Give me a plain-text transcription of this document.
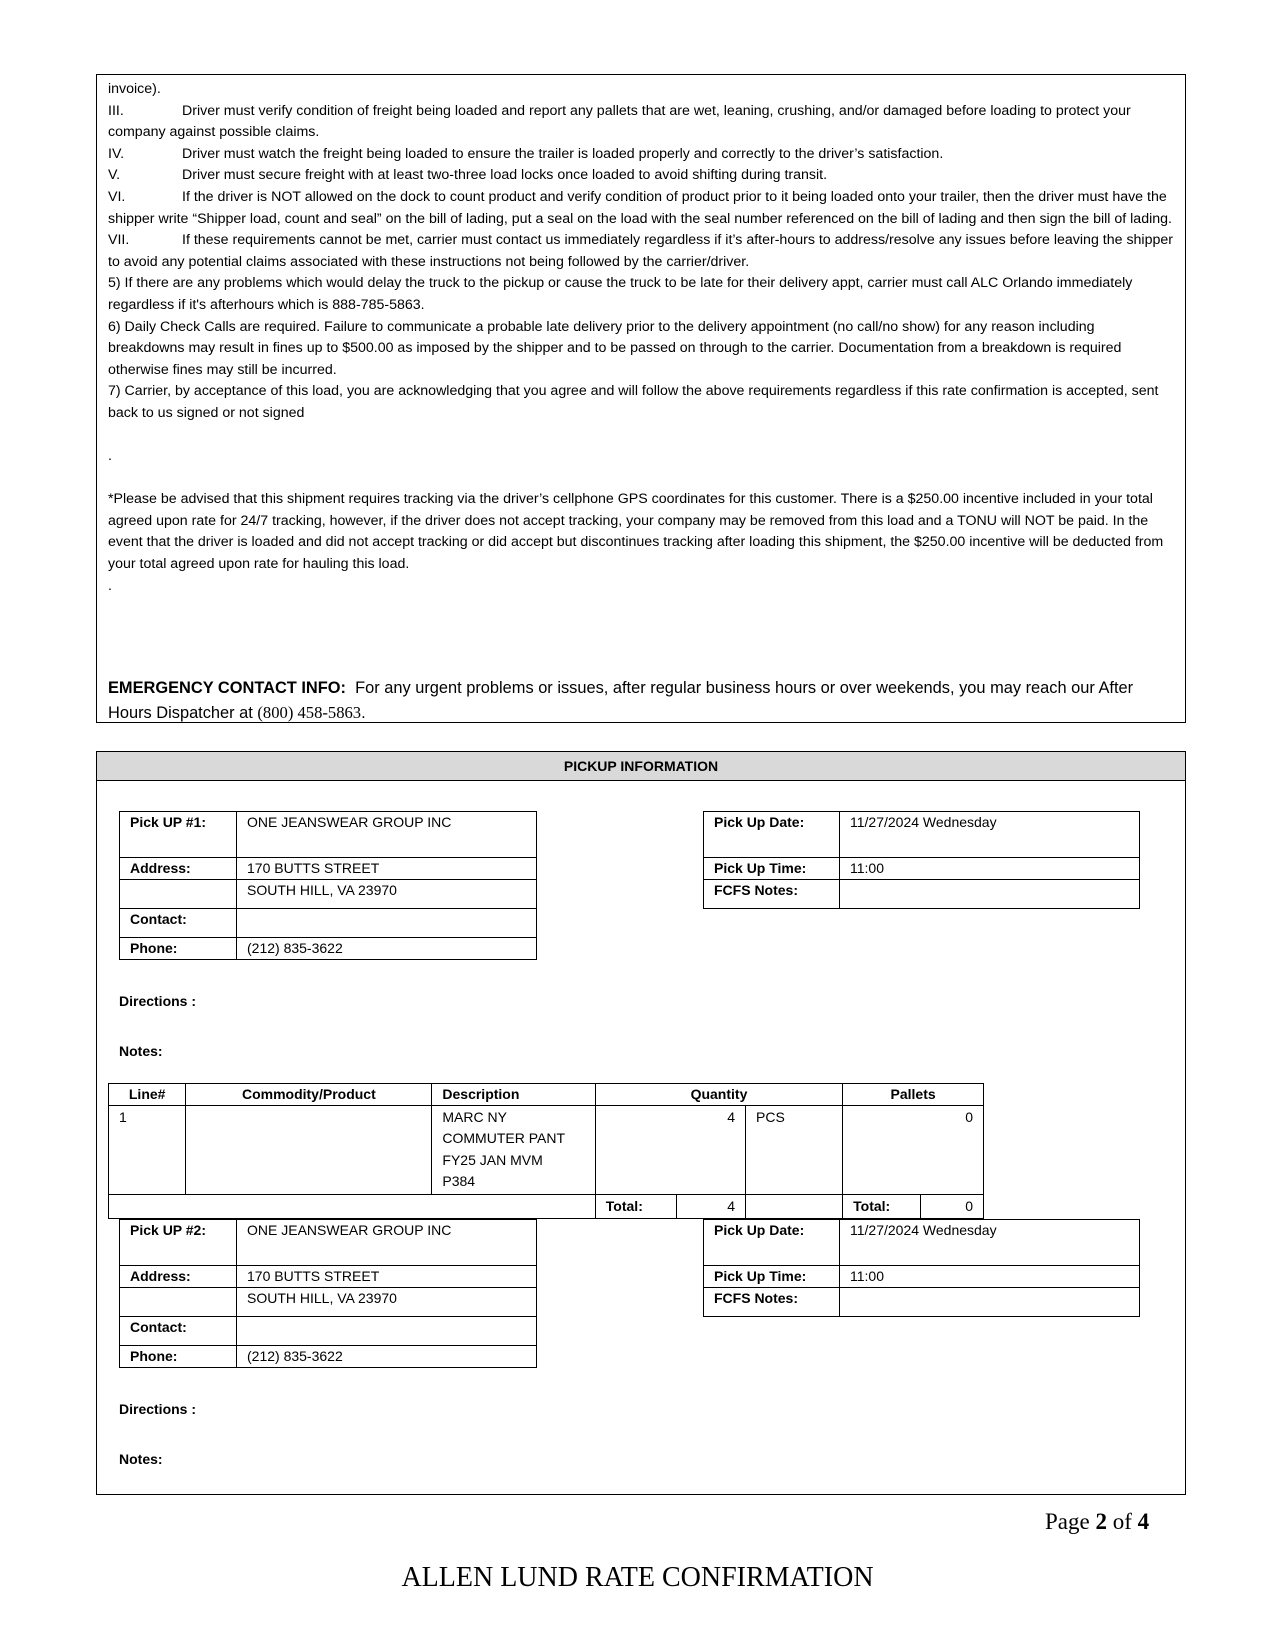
invoice).

III.	Driver must verify condition of freight being loaded and report any pallets that are wet, leaning, crushing, and/or damaged before loading to protect your company against possible claims.

IV.	Driver must watch the freight being loaded to ensure the trailer is loaded properly and correctly to the driver’s satisfaction.

V.	Driver must secure freight with at least two-three load locks once loaded to avoid shifting during transit.

VI.	If the driver is NOT allowed on the dock to count product and verify condition of product prior to it being loaded onto your trailer, then the driver must have the shipper write “Shipper load, count and seal” on the bill of lading, put a seal on the load with the seal number referenced on the bill of lading and then sign the bill of lading.

VII.	If these requirements cannot be met, carrier must contact us immediately regardless if it’s after-hours to address/resolve any issues before leaving the shipper to avoid any potential claims associated with these instructions not being followed by the carrier/driver.

5) If there are any problems which would delay the truck to the pickup or cause the truck to be late for their delivery appt, carrier must call ALC Orlando immediately regardless if it's afterhours which is 888-785-5863.

6) Daily Check Calls are required. Failure to communicate a probable late delivery prior to the delivery appointment (no call/no show) for any reason including breakdowns may result in fines up to $500.00 as imposed by the shipper and to be passed on through to the carrier. Documentation from a breakdown is required otherwise fines may still be incurred.

7) Carrier, by acceptance of this load, you are acknowledging that you agree and will follow the above requirements regardless if this rate confirmation is accepted, sent back to us signed or not signed

.

*Please be advised that this shipment requires tracking via the driver’s cellphone GPS coordinates for this customer. There is a $250.00 incentive included in your total agreed upon rate for 24/7 tracking, however, if the driver does not accept tracking, your company may be removed from this load and a TONU will NOT be paid. In the event that the driver is loaded and did not accept tracking or did accept but discontinues tracking after loading this shipment, the $250.00 incentive will be deducted from your total agreed upon rate for hauling this load.

.

EMERGENCY CONTACT INFO: For any urgent problems or issues, after regular business hours or over weekends, you may reach our After Hours Dispatcher at (800) 458-5863.
PICKUP INFORMATION
Pick UP #1:	ONE JEANSWEAR GROUP INC
Address:	170 BUTTS STREET
	SOUTH HILL, VA 23970
Contact:	
Phone:	(212) 835-3622
Pick Up Date:	11/27/2024 Wednesday
Pick Up Time:	11:00
FCFS Notes:	
Directions :
Notes:
Line#	Commodity/Product	Description	Quantity			Pallets	
1		MARC NY
COMMUTER PANT
FY25 JAN MVM
P384	4		PCS	0	
			Total:	4		Total:	0
Pick UP #2:	ONE JEANSWEAR GROUP INC
Address:	170 BUTTS STREET
	SOUTH HILL, VA 23970
Contact:	
Phone:	(212) 835-3622
Pick Up Date:	11/27/2024 Wednesday
Pick Up Time:	11:00
FCFS Notes:	
Directions :
Notes:
Page 2 of 4
ALLEN LUND RATE CONFIRMATION
